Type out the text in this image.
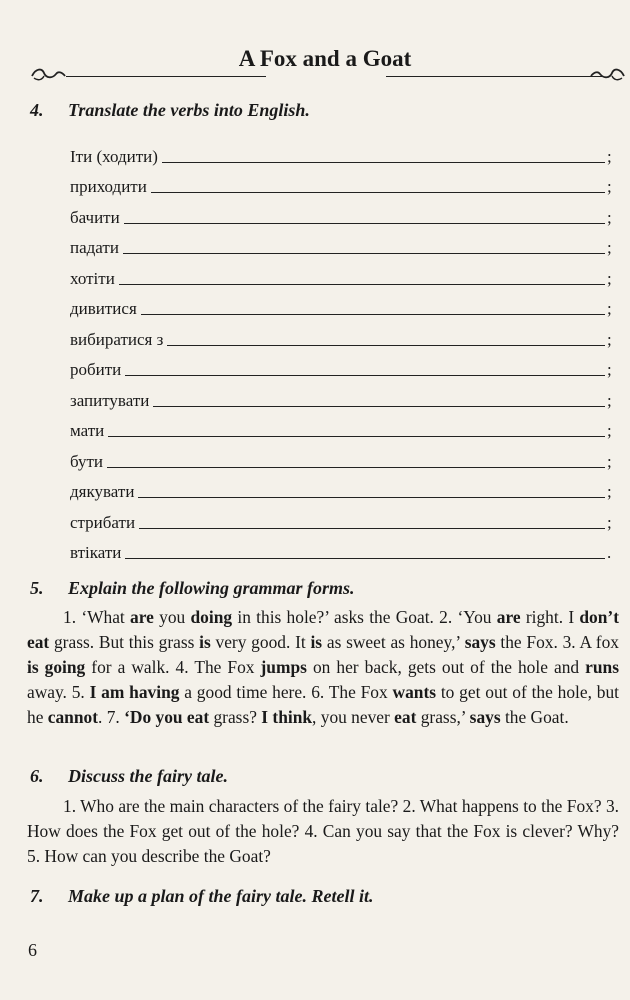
A Fox and a Goat
4. Translate the verbs into English.
Іти (ходити)	;
приходити	;
бачити	;
падати	;
хотіти	;
дивитися	;
вибиратися з	;
робити	;
запитувати	;
мати	;
бути	;
дякувати	;
стрибати	;
втікати	.
5. Explain the following grammar forms.

1. ‘What are you doing in this hole?’ asks the Goat. 2. ‘You are right. I don’t eat grass. But this grass is very good. It is as sweet as honey,’ says the Fox. 3. A fox is going for a walk. 4. The Fox jumps on her back, gets out of the hole and runs away. 5. I am having a good time here. 6. The Fox wants to get out of the hole, but he cannot. 7. ‘Do you eat grass? I think, you never eat grass,’ says the Goat.

6. Discuss the fairy tale.

1. Who are the main characters of the fairy tale? 2. What happens to the Fox? 3. How does the Fox get out of the hole? 4. Can you say that the Fox is clever? Why? 5. How can you describe the Goat?

7. Make up a plan of the fairy tale. Retell it.
6
